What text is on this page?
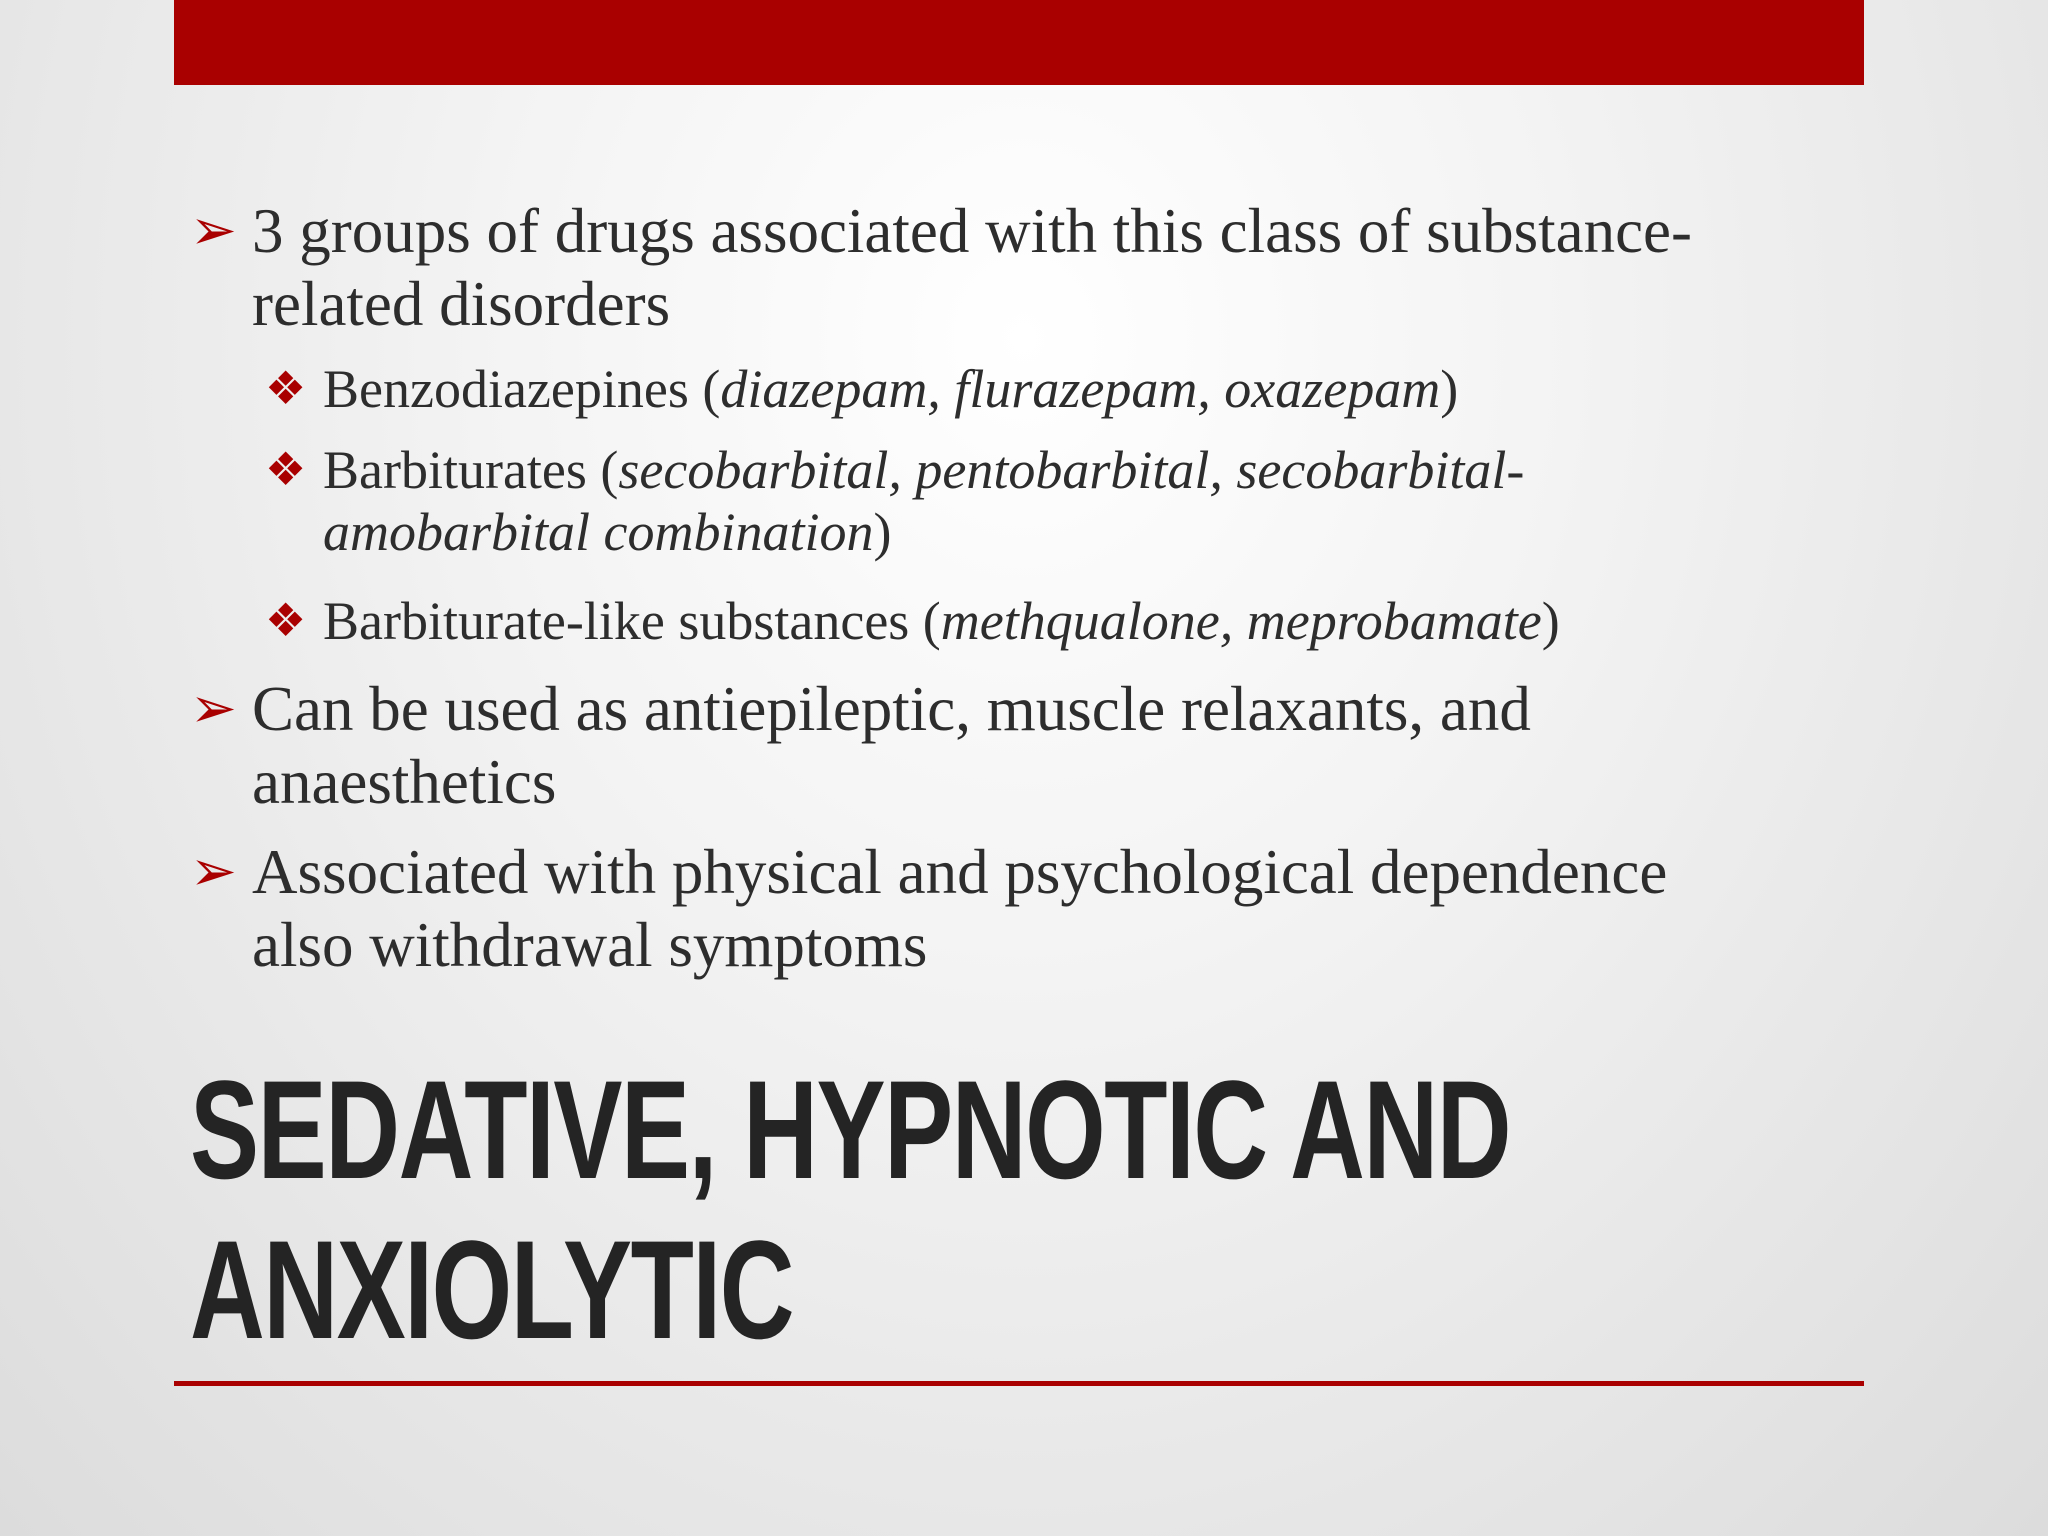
➢ 3 groups of drugs associated with this class of substance-

related disorders

❖ Benzodiazepines (diazepam, flurazepam, oxazepam)

❖ Barbiturates (secobarbital, pentobarbital, secobarbital-

amobarbital combination)

❖ Barbiturate-like substances (methqualone, meprobamate)

➢ Can be used as antiepileptic, muscle relaxants, and

anaesthetics

➢ Associated with physical and psychological dependence

also withdrawal symptoms

SEDATIVE, HYPNOTIC AND
ANXIOLYTIC
